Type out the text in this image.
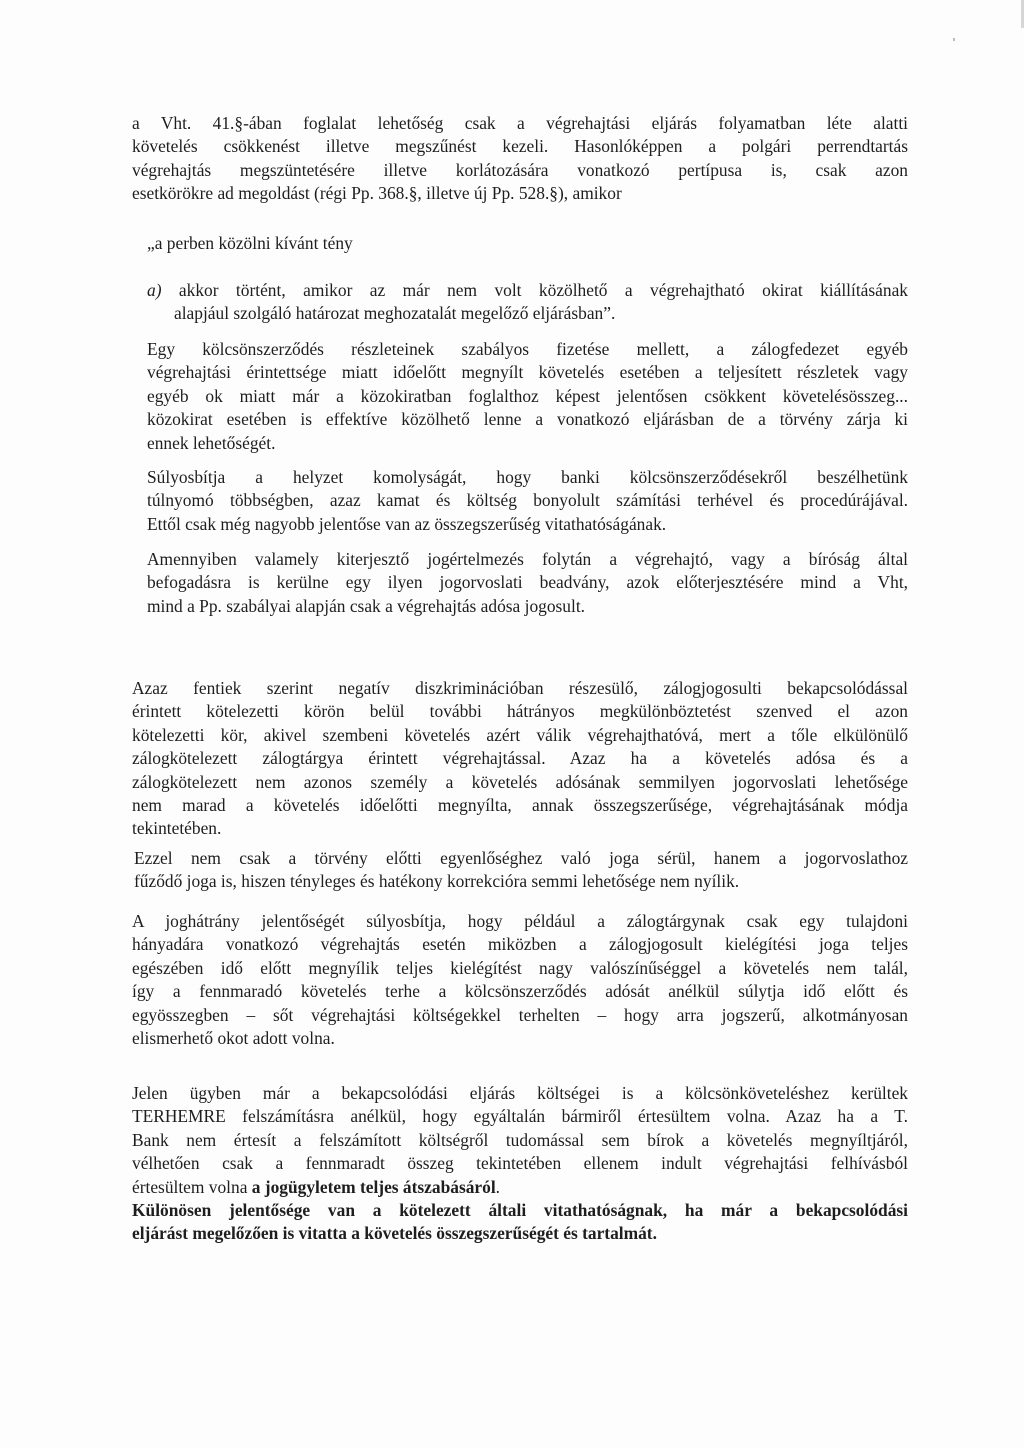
a Vht. 41.§-ában foglalat lehetőség csak a végrehajtási eljárás folyamatban léte alatti
követelés csökkenést illetve megszűnést kezeli. Hasonlóképpen a polgári perrendtartás
végrehajtás megszüntetésére illetve korlátozására vonatkozó pertípusa is, csak azon
esetkörökre ad megoldást (régi Pp. 368.§, illetve új Pp. 528.§), amikor
„a perben közölni kívánt tény
a) akkor történt, amikor az már nem volt közölhető a végrehajtható okirat kiállításának
alapjául szolgáló határozat meghozatalát megelőző eljárásban”.
Egy kölcsönszerződés részleteinek szabályos fizetése mellett, a zálogfedezet egyéb
végrehajtási érintettsége miatt időelőtt megnyílt követelés esetében a teljesített részletek vagy
egyéb ok miatt már a közokiratban foglalthoz képest jelentősen csökkent követelésösszeg...
közokirat esetében is effektíve közölhető lenne a vonatkozó eljárásban de a törvény zárja ki
ennek lehetőségét.
Súlyosbítja a helyzet komolyságát, hogy banki kölcsönszerződésekről beszélhetünk
túlnyomó többségben, azaz kamat és költség bonyolult számítási terhével és procedúrájával.
Ettől csak még nagyobb jelentőse van az összegszerűség vitathatóságának.
Amennyiben valamely kiterjesztő jogértelmezés folytán a végrehajtó, vagy a bíróság által
befogadásra is kerülne egy ilyen jogorvoslati beadvány, azok előterjesztésére mind a Vht,
mind a Pp. szabályai alapján csak a végrehajtás adósa jogosult.
Azaz fentiek szerint negatív diszkriminációban részesülő, zálogjogosulti bekapcsolódással
érintett kötelezetti körön belül további hátrányos megkülönböztetést szenved el azon
kötelezetti kör, akivel szembeni követelés azért válik végrehajthatóvá, mert a tőle elkülönülő
zálogkötelezett zálogtárgya érintett végrehajtással. Azaz ha a követelés adósa és a
zálogkötelezett nem azonos személy a követelés adósának semmilyen jogorvoslati lehetősége
nem marad a követelés időelőtti megnyílta, annak összegszerűsége, végrehajtásának módja
tekintetében.
Ezzel nem csak a törvény előtti egyenlőséghez való joga sérül, hanem a jogorvoslathoz
fűződő joga is, hiszen tényleges és hatékony korrekcióra semmi lehetősége nem nyílik.
A joghátrány jelentőségét súlyosbítja, hogy például a zálogtárgynak csak egy tulajdoni
hányadára vonatkozó végrehajtás esetén miközben a zálogjogosult kielégítési joga teljes
egészében idő előtt megnyílik teljes kielégítést nagy valószínűséggel a követelés nem talál,
így a fennmaradó követelés terhe a kölcsönszerződés adósát anélkül súlytja idő előtt és
egyösszegben – sőt végrehajtási költségekkel terhelten – hogy arra jogszerű, alkotmányosan
elismerhető okot adott volna.
Jelen ügyben már a bekapcsolódási eljárás költségei is a kölcsönköveteléshez kerültek
TERHEMRE felszámításra anélkül, hogy egyáltalán bármiről értesültem volna. Azaz ha a T.
Bank nem értesít a felszámított költségről tudomással sem bírok a követelés megnyíltjáról,
vélhetően csak a fennmaradt összeg tekintetében ellenem indult végrehajtási felhívásból
értesültem volna a jogügyletem teljes átszabásáról.
Különösen jelentősége van a kötelezett általi vitathatóságnak, ha már a bekapcsolódási
eljárást megelőzően is vitatta a követelés összegszerűségét és tartalmát.
